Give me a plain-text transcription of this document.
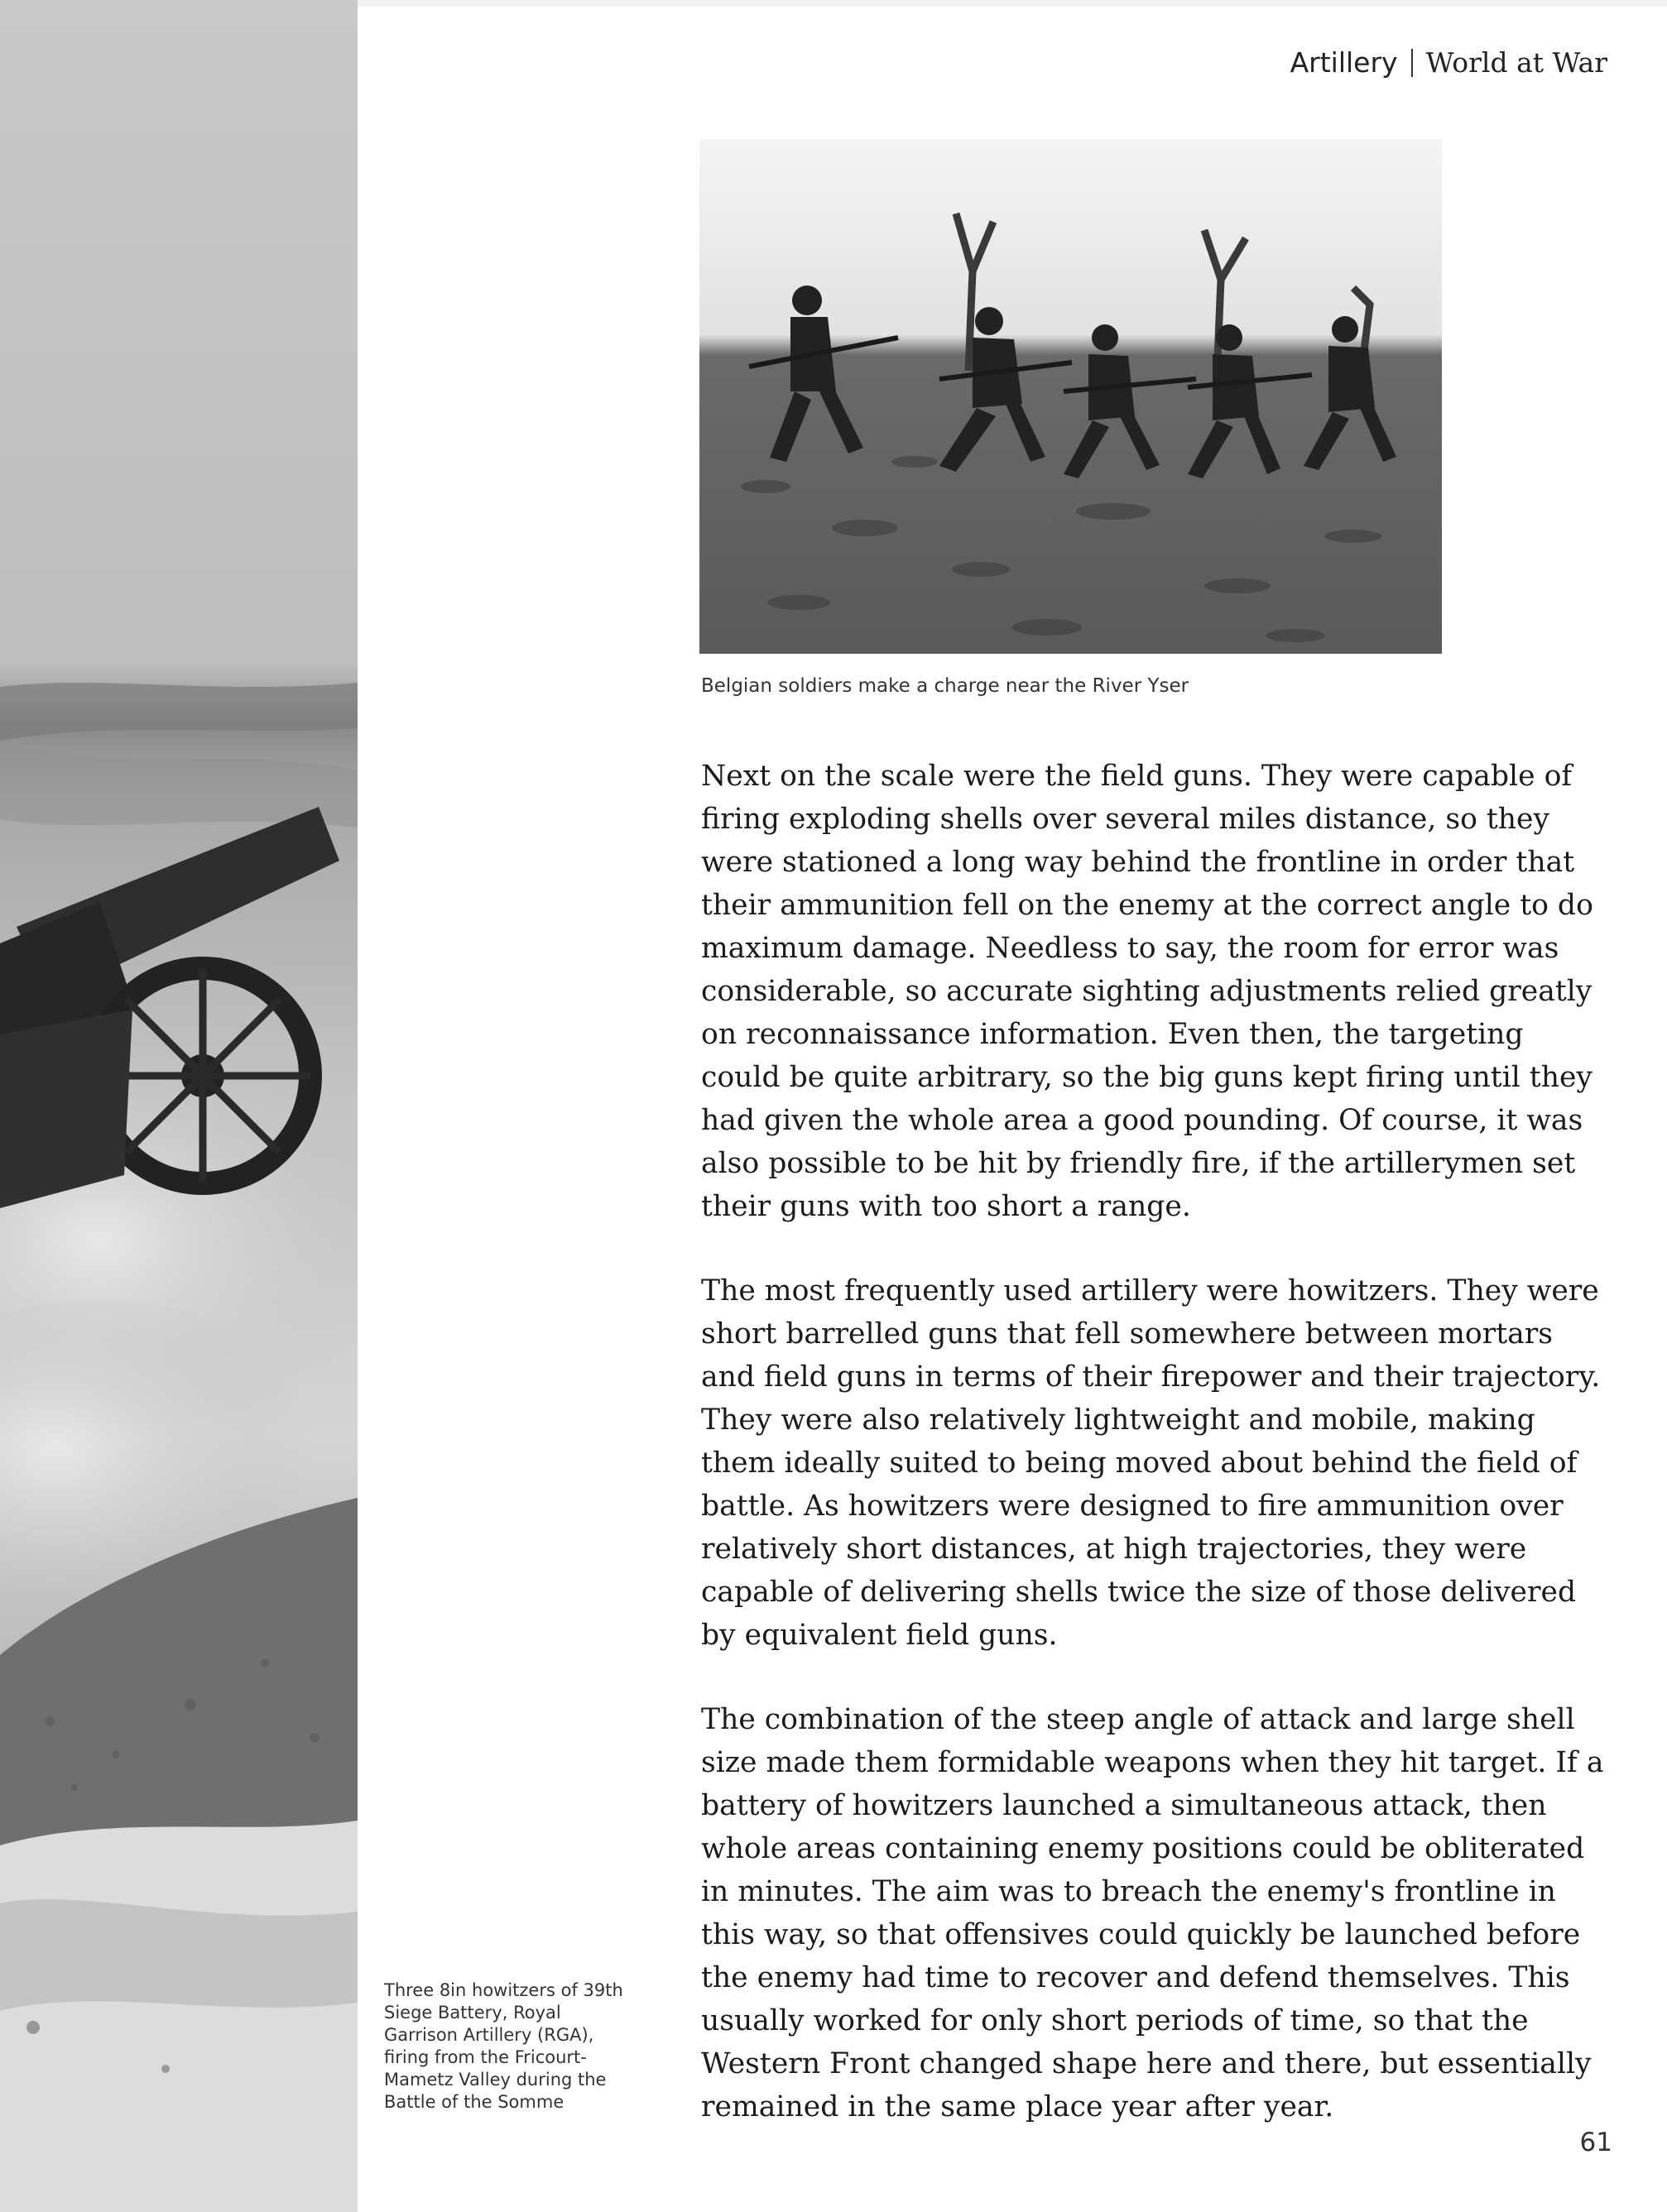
Artillery World at War
Belgian soldiers make a charge near the River Yser

Next on the scale were the field guns. They were capable of firing exploding shells over several miles distance, so they were stationed a long way behind the frontline in order that their ammunition fell on the enemy at the correct angle to do maximum damage. Needless to say, the room for error was considerable, so accurate sighting adjustments relied greatly on reconnaissance information. Even then, the targeting could be quite arbitrary, so the big guns kept firing until they had given the whole area a good pounding. Of course, it was also possible to be hit by friendly fire, if the artillerymen set their guns with too short a range.

The most frequently used artillery were howitzers. They were short barrelled guns that fell somewhere between mortars and field guns in terms of their firepower and their trajectory. They were also relatively lightweight and mobile, making them ideally suited to being moved about behind the field of battle. As howitzers were designed to fire ammunition over relatively short distances, at high trajectories, they were capable of delivering shells twice the size of those delivered by equivalent field guns.

The combination of the steep angle of attack and large shell size made them formidable weapons when they hit target. If a battery of howitzers launched a simultaneous attack, then whole areas containing enemy positions could be obliterated in minutes. The aim was to breach the enemy's frontline in this way, so that offensives could quickly be launched before the enemy had time to recover and defend themselves. This usually worked for only short periods of time, so that the Western Front changed shape here and there, but essentially remained in the same place year after year.

Three 8in howitzers of 39th Siege Battery, Royal Garrison Artillery (RGA), firing from the Fricourt-Mametz Valley during the Battle of the Somme
61
